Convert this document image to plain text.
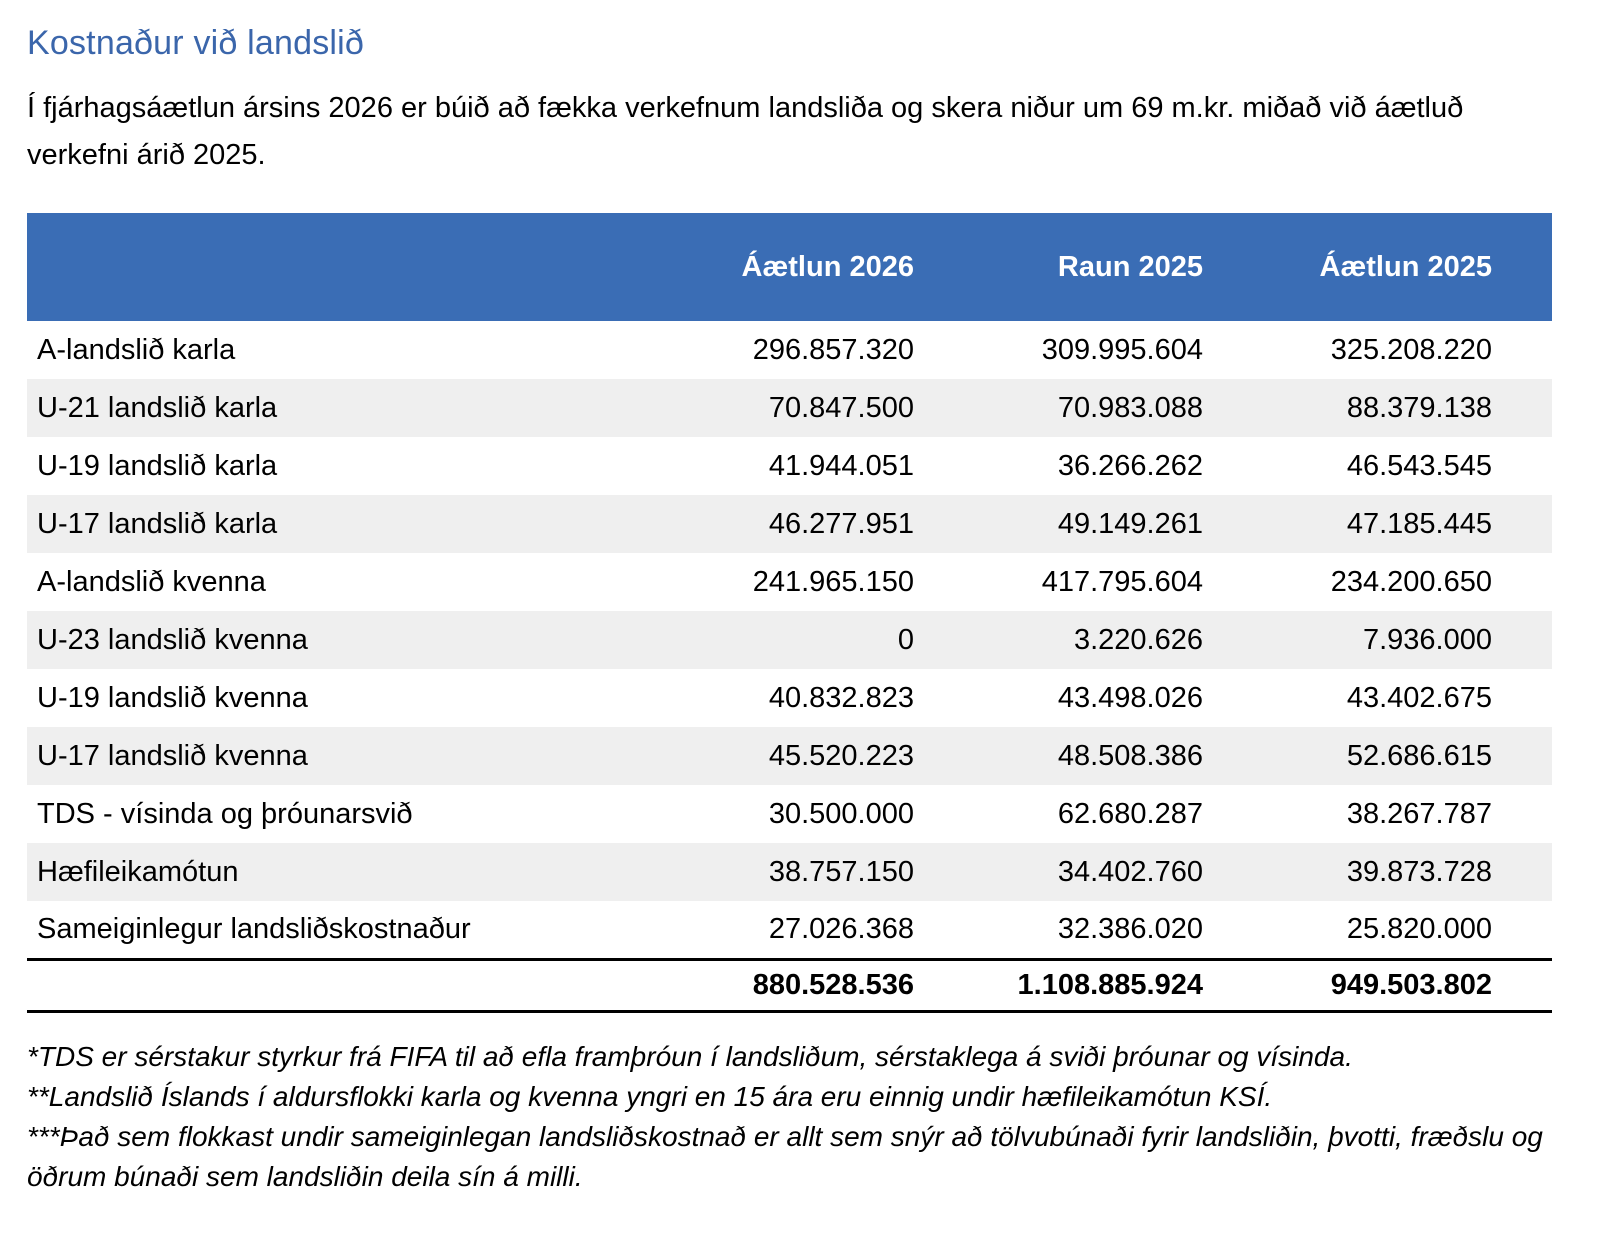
Kostnaður við landslið

Í fjárhagsáætlun ársins 2026 er búið að fækka verkefnum landsliða og skera niður um 69 m.kr. miðað við áætluð verkefni árið 2025.

	Áætlun 2026	Raun 2025	Áætlun 2025
A-landslið karla	296.857.320	309.995.604	325.208.220
U-21 landslið karla	70.847.500	70.983.088	88.379.138
U-19 landslið karla	41.944.051	36.266.262	46.543.545
U-17 landslið karla	46.277.951	49.149.261	47.185.445
A-landslið kvenna	241.965.150	417.795.604	234.200.650
U-23 landslið kvenna	0	3.220.626	7.936.000
U-19 landslið kvenna	40.832.823	43.498.026	43.402.675
U-17 landslið kvenna	45.520.223	48.508.386	52.686.615
TDS - vísinda og þróunarsvið	30.500.000	62.680.287	38.267.787
Hæfileikamótun	38.757.150	34.402.760	39.873.728
Sameiginlegur landsliðskostnaður	27.026.368	32.386.020	25.820.000
	880.528.536	1.108.885.924	949.503.802

*TDS er sérstakur styrkur frá FIFA til að efla framþróun í landsliðum, sérstaklega á sviði þróunar og vísinda.

**Landslið Íslands í aldursflokki karla og kvenna yngri en 15 ára eru einnig undir hæfileikamótun KSÍ.

***Það sem flokkast undir sameiginlegan landsliðskostnað er allt sem snýr að tölvubúnaði fyrir landsliðin, þvotti, fræðslu og öðrum búnaði sem landsliðin deila sín á milli.
